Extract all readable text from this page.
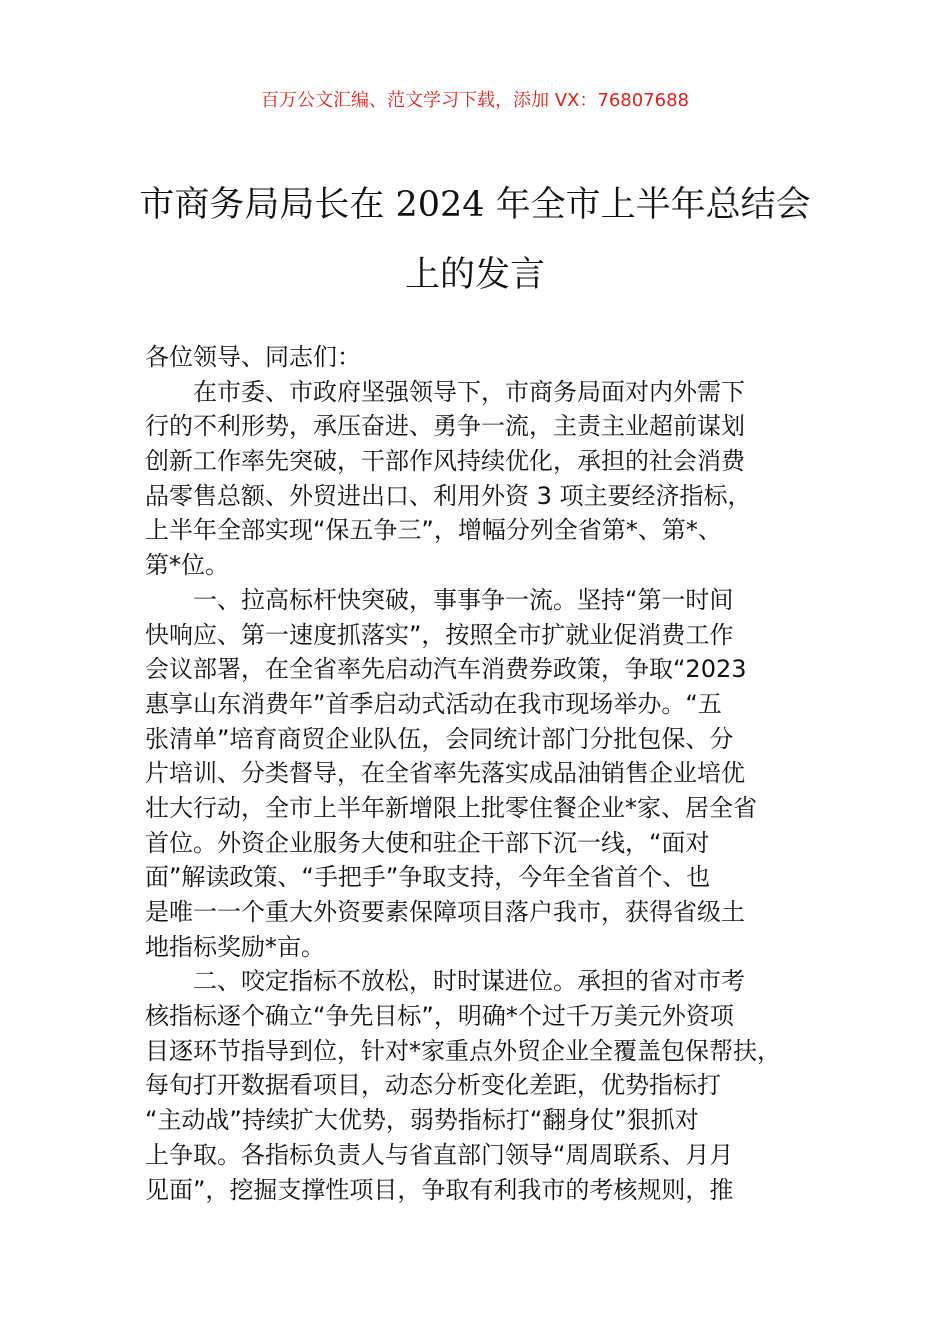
百万公文汇编、范文学习下载，添加 VX：76807688
市商务局局长在 2024 年全市上半年总结会
上的发言
各位领导、同志们：
　　在市委、市政府坚强领导下，市商务局面对内外需下
行的不利形势，承压奋进、勇争一流，主责主业超前谋划
创新工作率先突破，干部作风持续优化，承担的社会消费
品零售总额、外贸进出口、利用外资 3 项主要经济指标，
上半年全部实现“保五争三”，增幅分列全省第*、第*、
第*位。
　　一、拉高标杆快突破，事事争一流。坚持“第一时间
快响应、第一速度抓落实”，按照全市扩就业促消费工作
会议部署，在全省率先启动汽车消费券政策，争取“2023
惠享山东消费年”首季启动式活动在我市现场举办。“五
张清单”培育商贸企业队伍，会同统计部门分批包保、分
片培训、分类督导，在全省率先落实成品油销售企业培优
壮大行动，全市上半年新增限上批零住餐企业*家、居全省
首位。外资企业服务大使和驻企干部下沉一线，“面对
面”解读政策、“手把手”争取支持，今年全省首个、也
是唯一一个重大外资要素保障项目落户我市，获得省级土
地指标奖励*亩。
　　二、咬定指标不放松，时时谋进位。承担的省对市考
核指标逐个确立“争先目标”，明确*个过千万美元外资项
目逐环节指导到位，针对*家重点外贸企业全覆盖包保帮扶，
每旬打开数据看项目，动态分析变化差距，优势指标打
“主动战”持续扩大优势，弱势指标打“翻身仗”狠抓对
上争取。各指标负责人与省直部门领导“周周联系、月月
见面”，挖掘支撑性项目，争取有利我市的考核规则，推
